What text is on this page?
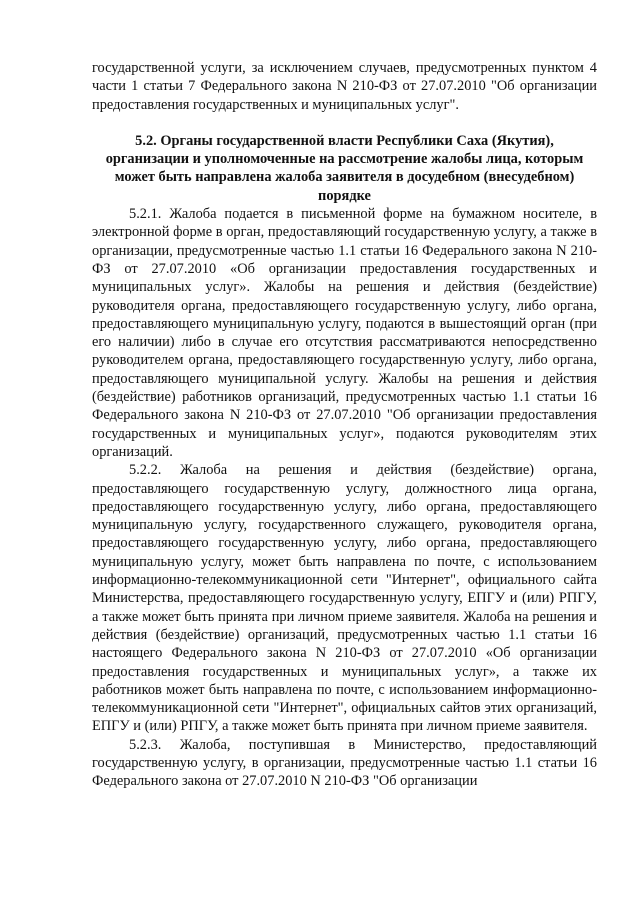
государственной услуги, за исключением случаев, предусмотренных пунктом 4 части 1 статьи 7 Федерального закона N 210-ФЗ от 27.07.2010 "Об организации предоставления государственных и муниципальных услуг".

5.2. Органы государственной власти Республики Саха (Якутия),
организации и уполномоченные на рассмотрение жалобы лица, которым
может быть направлена жалоба заявителя в досудебном (внесудебном)
порядке

5.2.1. Жалоба подается в письменной форме на бумажном носителе, в электронной форме в орган, предоставляющий государственную услугу, а также в организации, предусмотренные частью 1.1 статьи 16 Федерального закона N 210-ФЗ от 27.07.2010 «Об организации предоставления государственных и муниципальных услуг». Жалобы на решения и действия (бездействие) руководителя органа, предоставляющего государственную услугу, либо органа, предоставляющего муниципальную услугу, подаются в вышестоящий орган (при его наличии) либо в случае его отсутствия рассматриваются непосредственно руководителем органа, предоставляющего государственную услугу, либо органа, предоставляющего муниципальной услугу. Жалобы на решения и действия (бездействие) работников организаций, предусмотренных частью 1.1 статьи 16 Федерального закона N 210-ФЗ от 27.07.2010 "Об организации предоставления государственных и муниципальных услуг», подаются руководителям этих организаций.

5.2.2. Жалоба на решения и действия (бездействие) органа, предоставляющего государственную услугу, должностного лица органа, предоставляющего государственную услугу, либо органа, предоставляющего муниципальную услугу, государственного служащего, руководителя органа, предоставляющего государственную услугу, либо органа, предоставляющего муниципальную услугу, может быть направлена по почте, с использованием информационно-телекоммуникационной сети "Интернет", официального сайта Министерства, предоставляющего государственную услугу, ЕПГУ и (или) РПГУ, а также может быть принята при личном приеме заявителя. Жалоба на решения и действия (бездействие) организаций, предусмотренных частью 1.1 статьи 16 настоящего Федерального закона N 210-ФЗ от 27.07.2010 «Об организации предоставления государственных и муниципальных услуг», а также их работников может быть направлена по почте, с использованием информационно-телекоммуникационной сети "Интернет", официальных сайтов этих организаций, ЕПГУ и (или) РПГУ, а также может быть принята при личном приеме заявителя.

5.2.3. Жалоба, поступившая в Министерство, предоставляющий государственную услугу, в организации, предусмотренные частью 1.1 статьи 16 Федерального закона от 27.07.2010 N 210-ФЗ "Об организации
